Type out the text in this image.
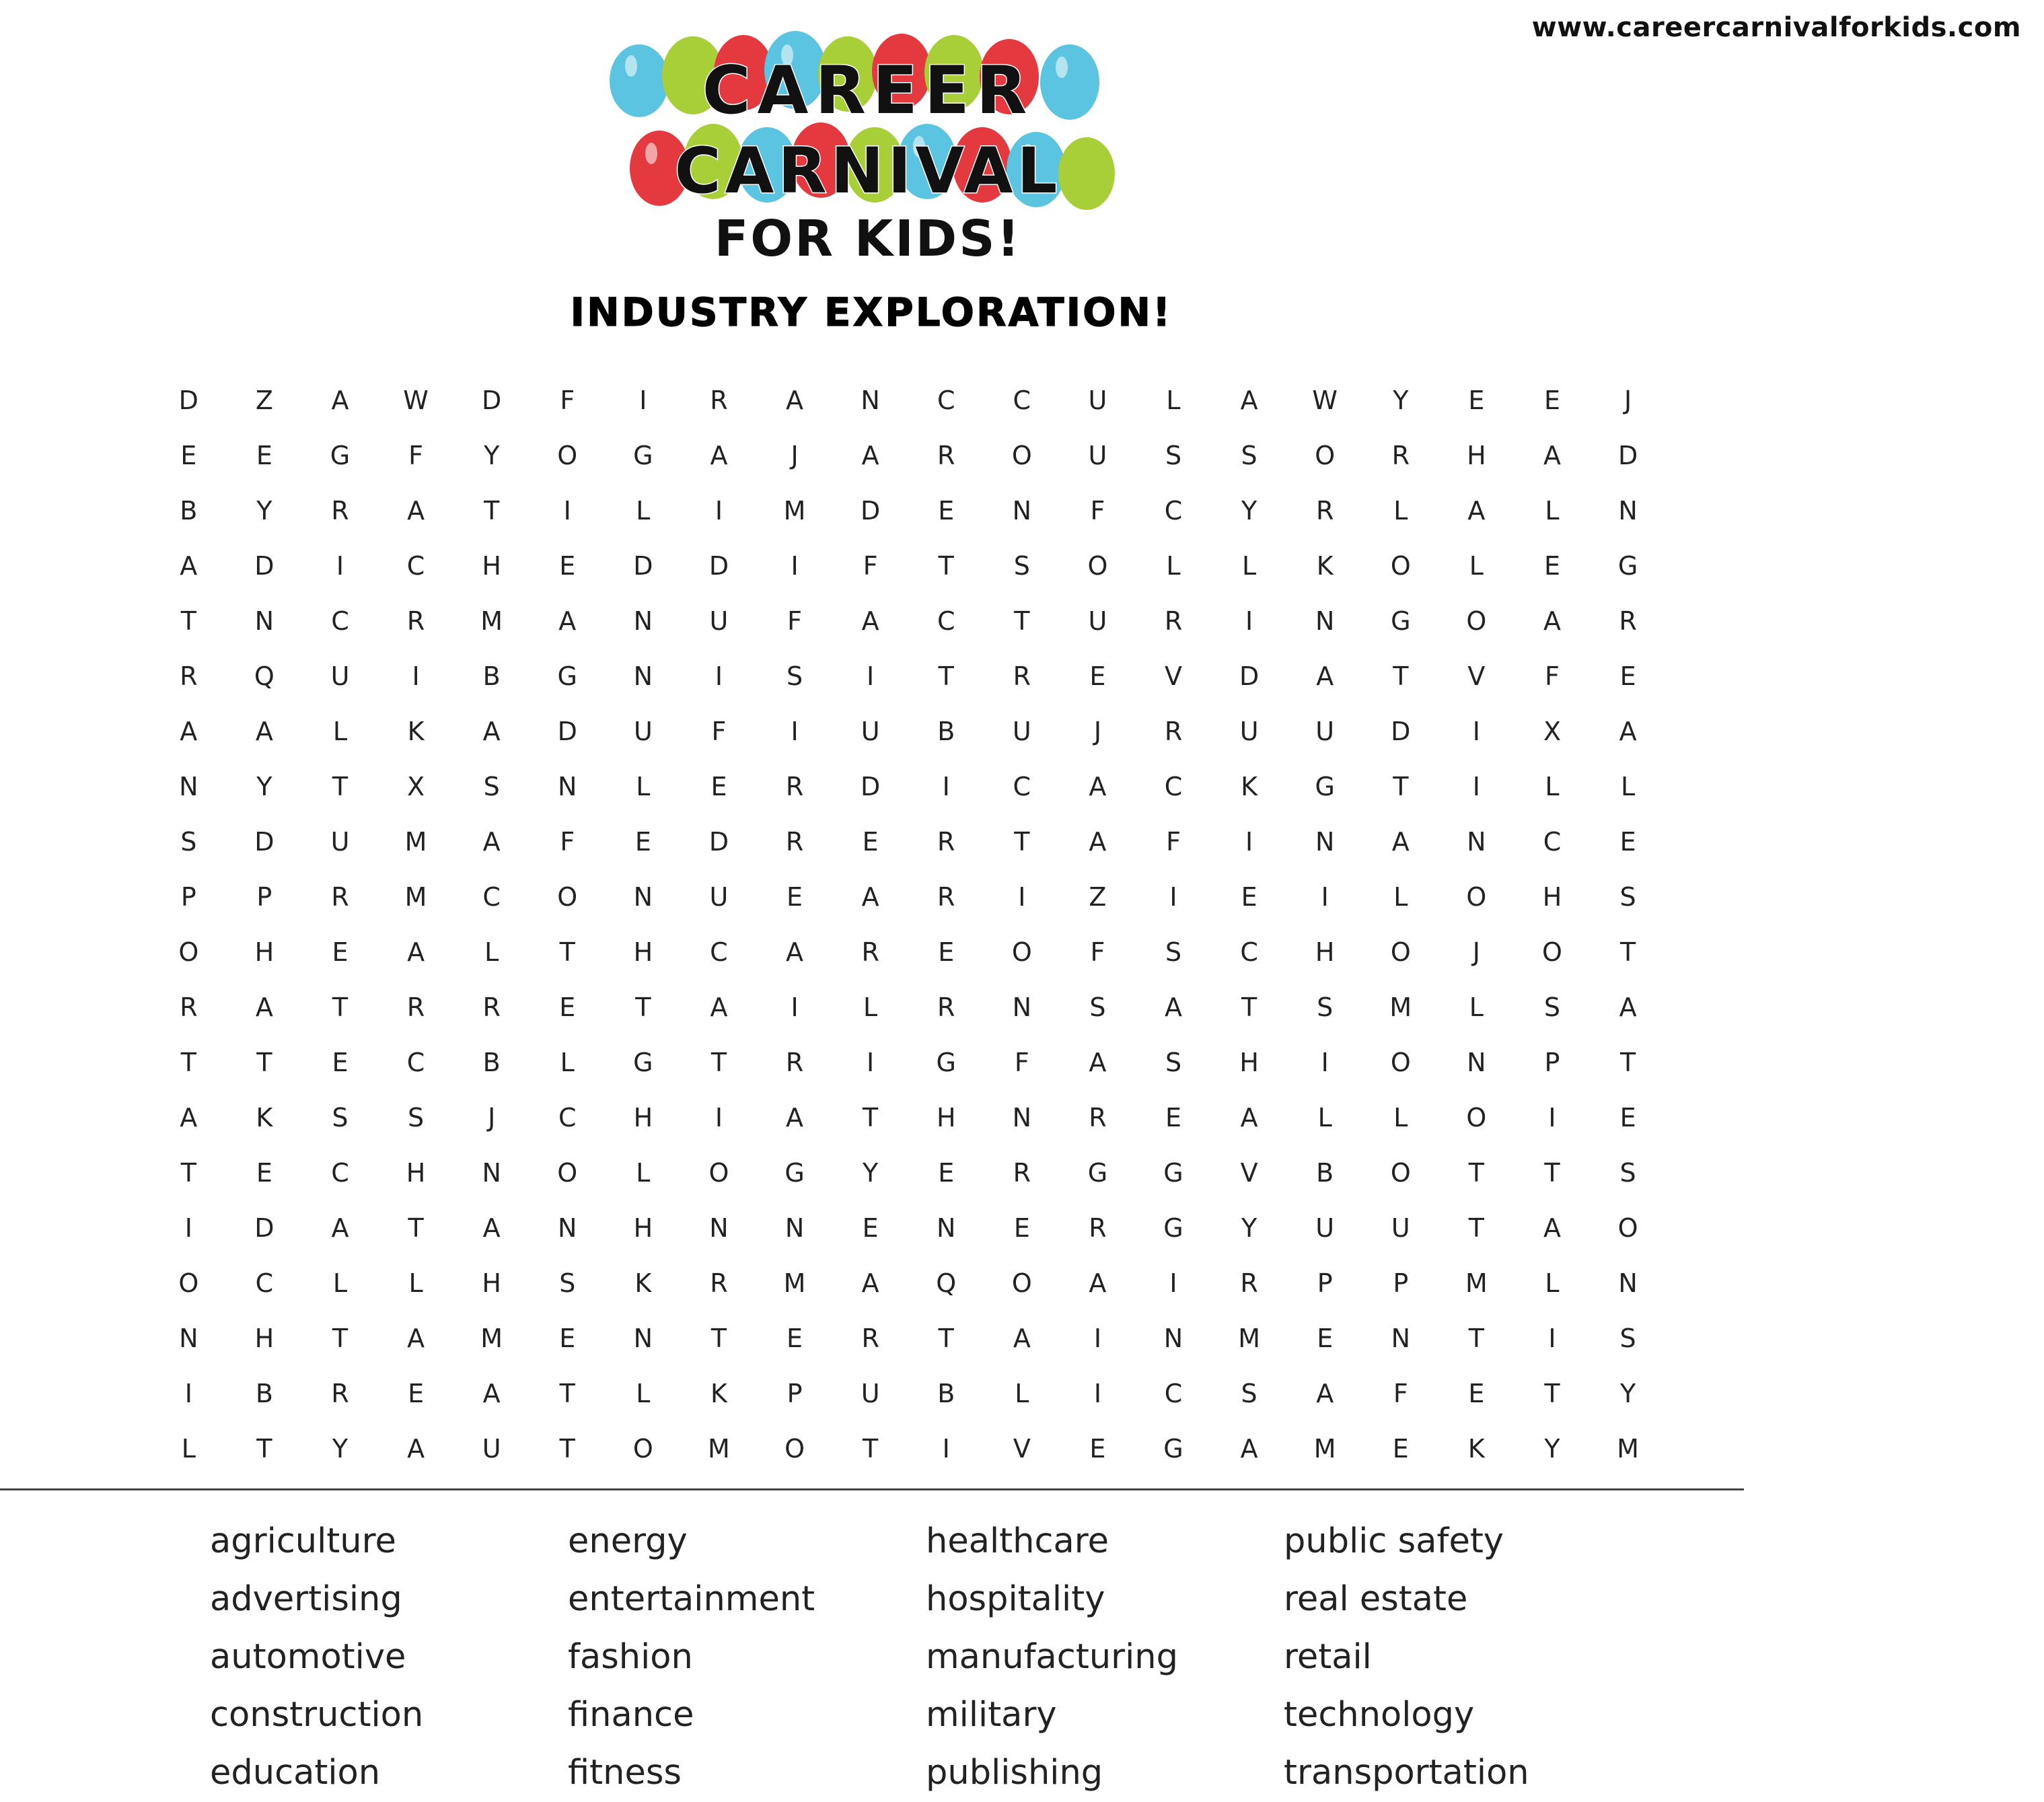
www.careercarnivalforkids.com
CAREER
CARNIVAL
FOR KIDS!
INDUSTRY EXPLORATION!
D	Z	A	W	D	F	I	R	A	N	C	C	U	L	A	W	Y	E	E	J
E	E	G	F	Y	O	G	A	J	A	R	O	U	S	S	O	R	H	A	D
B	Y	R	A	T	I	L	I	M	D	E	N	F	C	Y	R	L	A	L	N
A	D	I	C	H	E	D	D	I	F	T	S	O	L	L	K	O	L	E	G
T	N	C	R	M	A	N	U	F	A	C	T	U	R	I	N	G	O	A	R
R	Q	U	I	B	G	N	I	S	I	T	R	E	V	D	A	T	V	F	E
A	A	L	K	A	D	U	F	I	U	B	U	J	R	U	U	D	I	X	A
N	Y	T	X	S	N	L	E	R	D	I	C	A	C	K	G	T	I	L	L
S	D	U	M	A	F	E	D	R	E	R	T	A	F	I	N	A	N	C	E
P	P	R	M	C	O	N	U	E	A	R	I	Z	I	E	I	L	O	H	S
O	H	E	A	L	T	H	C	A	R	E	O	F	S	C	H	O	J	O	T
R	A	T	R	R	E	T	A	I	L	R	N	S	A	T	S	M	L	S	A
T	T	E	C	B	L	G	T	R	I	G	F	A	S	H	I	O	N	P	T
A	K	S	S	J	C	H	I	A	T	H	N	R	E	A	L	L	O	I	E
T	E	C	H	N	O	L	O	G	Y	E	R	G	G	V	B	O	T	T	S
I	D	A	T	A	N	H	N	N	E	N	E	R	G	Y	U	U	T	A	O
O	C	L	L	H	S	K	R	M	A	Q	O	A	I	R	P	P	M	L	N
N	H	T	A	M	E	N	T	E	R	T	A	I	N	M	E	N	T	I	S
I	B	R	E	A	T	L	K	P	U	B	L	I	C	S	A	F	E	T	Y
L	T	Y	A	U	T	O	M	O	T	I	V	E	G	A	M	E	K	Y	M
agriculture
advertising
automotive
construction
education
energy
entertainment
fashion
finance
fitness
healthcare
hospitality
manufacturing
military
publishing
public safety
real estate
retail
technology
transportation
